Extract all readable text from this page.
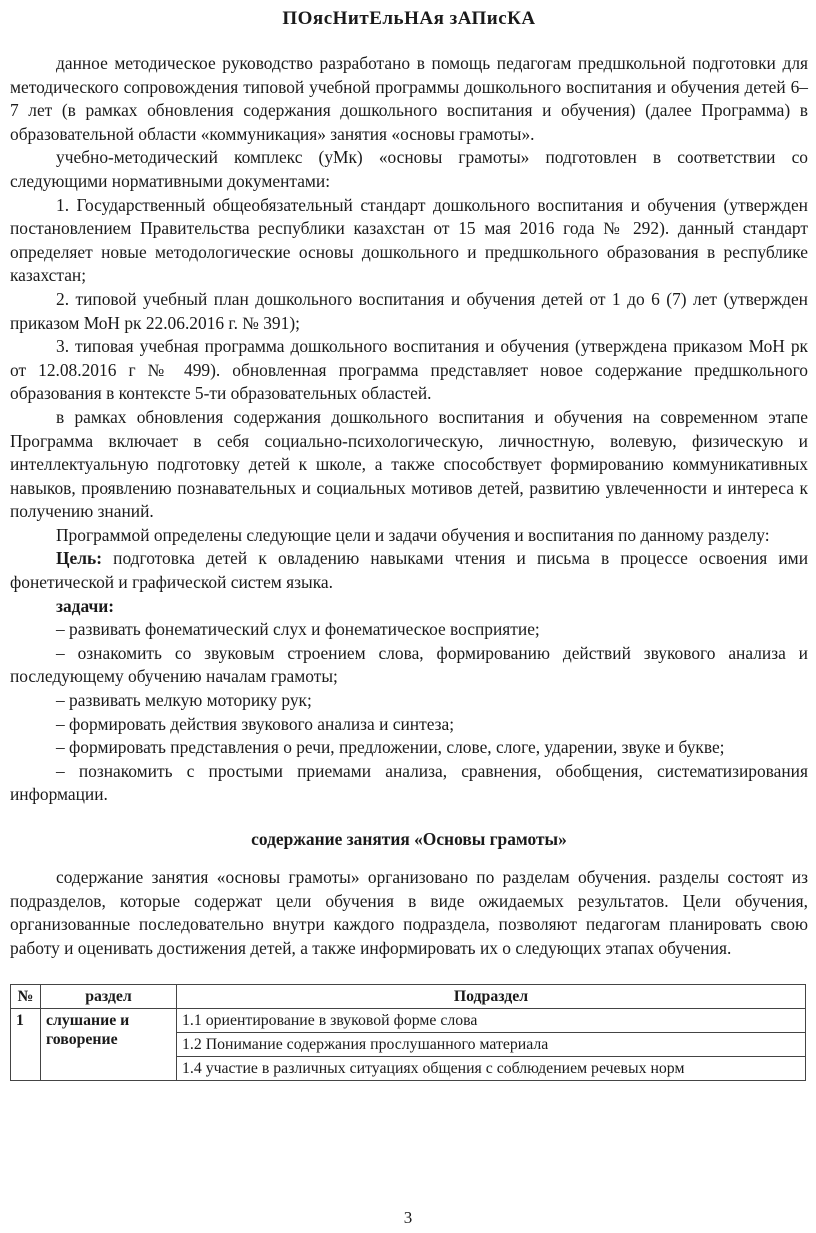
ПОясНитЕльНАя зАПисКА

данное методическое руководство разработано в помощь педагогам предшкольной подготовки для методического сопровождения типовой учебной программы дошкольного воспитания и обучения детей 6–7 лет (в рамках обновления содержания дошкольного воспитания и обучения) (далее Программа) в образовательной области «коммуникация» занятия «основы грамоты».

учебно-методический комплекс (уМк) «основы грамоты» подготовлен в соответствии со следующими нормативными документами:

1. Государственный общеобязательный стандарт дошкольного воспитания и обучения (утвержден постановлением Правительства республики казахстан от 15 мая 2016 года № 292). данный стандарт определяет новые методологические основы дошкольного и предшкольного образования в республике казахстан;

2. типовой учебный план дошкольного воспитания и обучения детей от 1 до 6 (7) лет (утвержден приказом МоН рк 22.06.2016 г. № 391);

3. типовая учебная программа дошкольного воспитания и обучения (утверждена приказом МоН рк от 12.08.2016 г № 499). обновленная программа представляет новое содержание предшкольного образования в контексте 5-ти образовательных областей.

в рамках обновления содержания дошкольного воспитания и обучения на современном этапе Программа включает в себя социально-психологическую, личностную, волевую, физическую и интеллектуальную подготовку детей к школе, а также способствует формированию коммуникативных навыков, проявлению познавательных и социальных мотивов детей, развитию увлеченности и интереса к получению знаний.

Программой определены следующие цели и задачи обучения и воспитания по данному разделу:

Цель: подготовка детей к овладению навыками чтения и письма в процессе освоения ими фонетической и графической систем языка.

задачи:

– развивать фонематический слух и фонематическое восприятие;

– ознакомить со звуковым строением слова, формированию действий звукового анализа и последующему обучению началам грамоты;

– развивать мелкую моторику рук;

– формировать действия звукового анализа и синтеза;

– формировать представления о речи, предложении, слове, слоге, ударении, звуке и букве;

– познакомить с простыми приемами анализа, сравнения, обобщения, систематизирования информации.

содержание занятия «Основы грамоты»

содержание занятия «основы грамоты» организовано по разделам обучения. разделы состоят из подразделов, которые содержат цели обучения в виде ожидаемых результатов. Цели обучения, организованные последовательно внутри каждого подраздела, позволяют педагогам планировать свою работу и оценивать достижения детей, а также информировать их о следующих этапах обучения.

№	раздел	Подраздел
1	слушание и говорение	1.1 ориентирование в звуковой форме слова
		1.2 Понимание содержания прослушанного материала
		1.4 участие в различных ситуациях общения с соблюдением речевых норм
3
